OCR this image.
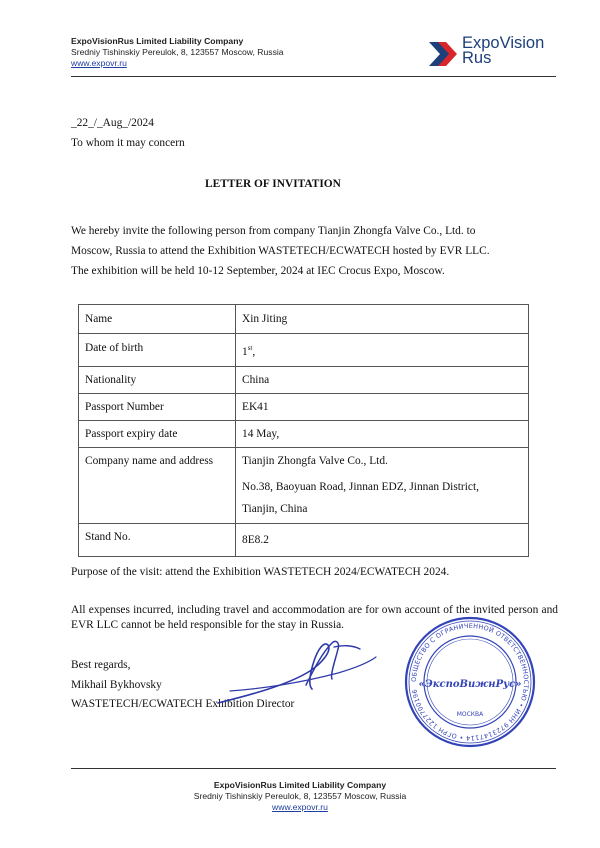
ExpoVisionRus Limited Liability Company
Sredniy Tishinskiy Pereulok, 8, 123557 Moscow, Russia
www.expovr.ru
ExpoVision
Rus
_22_/_Aug_/2024
To whom it may concern
LETTER OF INVITATION
We hereby invite the following person from company Tianjin Zhongfa Valve Co., Ltd. to
Moscow, Russia to attend the Exhibition WASTETECH/ECWATECH hosted by EVR LLC.
The exhibition will be held 10-12 September, 2024 at IEC Crocus Expo, Moscow.
Name	Xin Jiting
Date of birth	1st,
Nationality	China
Passport Number	EK41
Passport expiry date	14 May,

Company name and address	Tianjin Zhongfa Valve Co., Ltd.
No.38, Baoyuan Road, Jinnan EDZ, Jinnan District,
Tianjin, China

Stand No.	8E8.2
Purpose of the visit: attend the Exhibition WASTETECH 2024/ECWATECH 2024.
All expenses incurred, including travel and accommodation are for own account of the invited person and EVR LLC cannot be held responsible for the stay in Russia.
Best regards,
Mikhail Bykhovsky
WASTETECH/ECWATECH Exhibition Director
ОБЩЕСТВО С ОГРАНИЧЕННОЙ ОТВЕТСТВЕННОСТЬЮ • ИНН 9723147114 • ОГРН 1227700196
«ЭкспоВижнРус»
МОСКВА
ExpoVisionRus Limited Liability Company
Sredniy Tishinskiy Pereulok, 8, 123557 Moscow, Russia
www.expovr.ru
